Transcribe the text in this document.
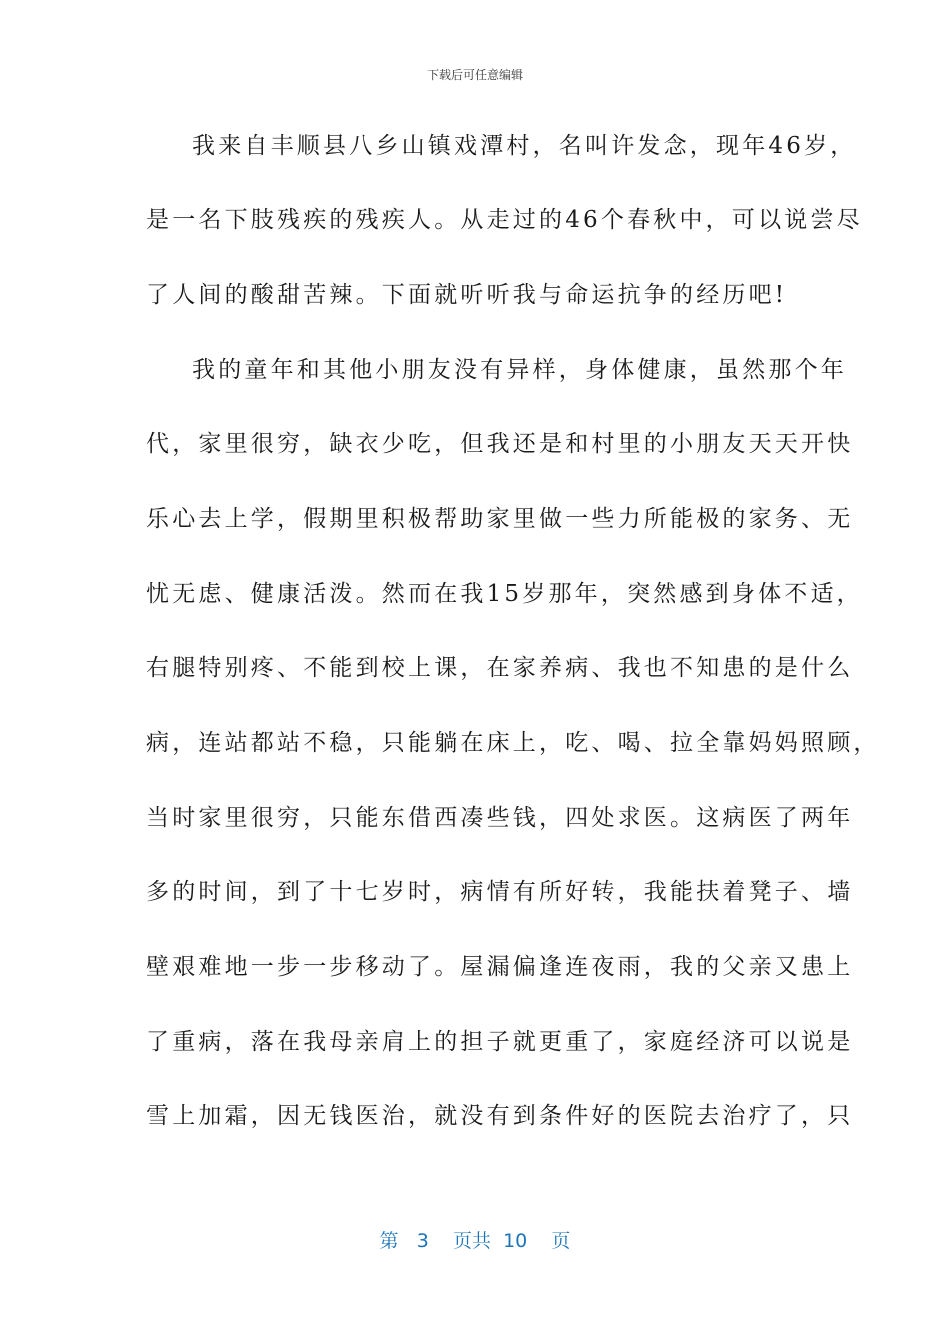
下载后可任意编辑
我来自丰顺县八乡山镇戏潭村，名叫许发念，现年46岁，
是一名下肢残疾的残疾人。从走过的46个春秋中，可以说尝尽
了人间的酸甜苦辣。下面就听听我与命运抗争的经历吧!
我的童年和其他小朋友没有异样，身体健康，虽然那个年
代，家里很穷，缺衣少吃，但我还是和村里的小朋友天天开快
乐心去上学，假期里积极帮助家里做一些力所能极的家务、无
忧无虑、健康活泼。然而在我15岁那年，突然感到身体不适，
右腿特别疼、不能到校上课，在家养病、我也不知患的是什么
病，连站都站不稳，只能躺在床上，吃、喝、拉全靠妈妈照顾，
当时家里很穷，只能东借西凑些钱，四处求医。这病医了两年
多的时间，到了十七岁时，病情有所好转，我能扶着凳子、墙
壁艰难地一步一步移动了。屋漏偏逢连夜雨，我的父亲又患上
了重病，落在我母亲肩上的担子就更重了，家庭经济可以说是
雪上加霜，因无钱医治，就没有到条件好的医院去治疗了，只
第 3 页共 10 页
